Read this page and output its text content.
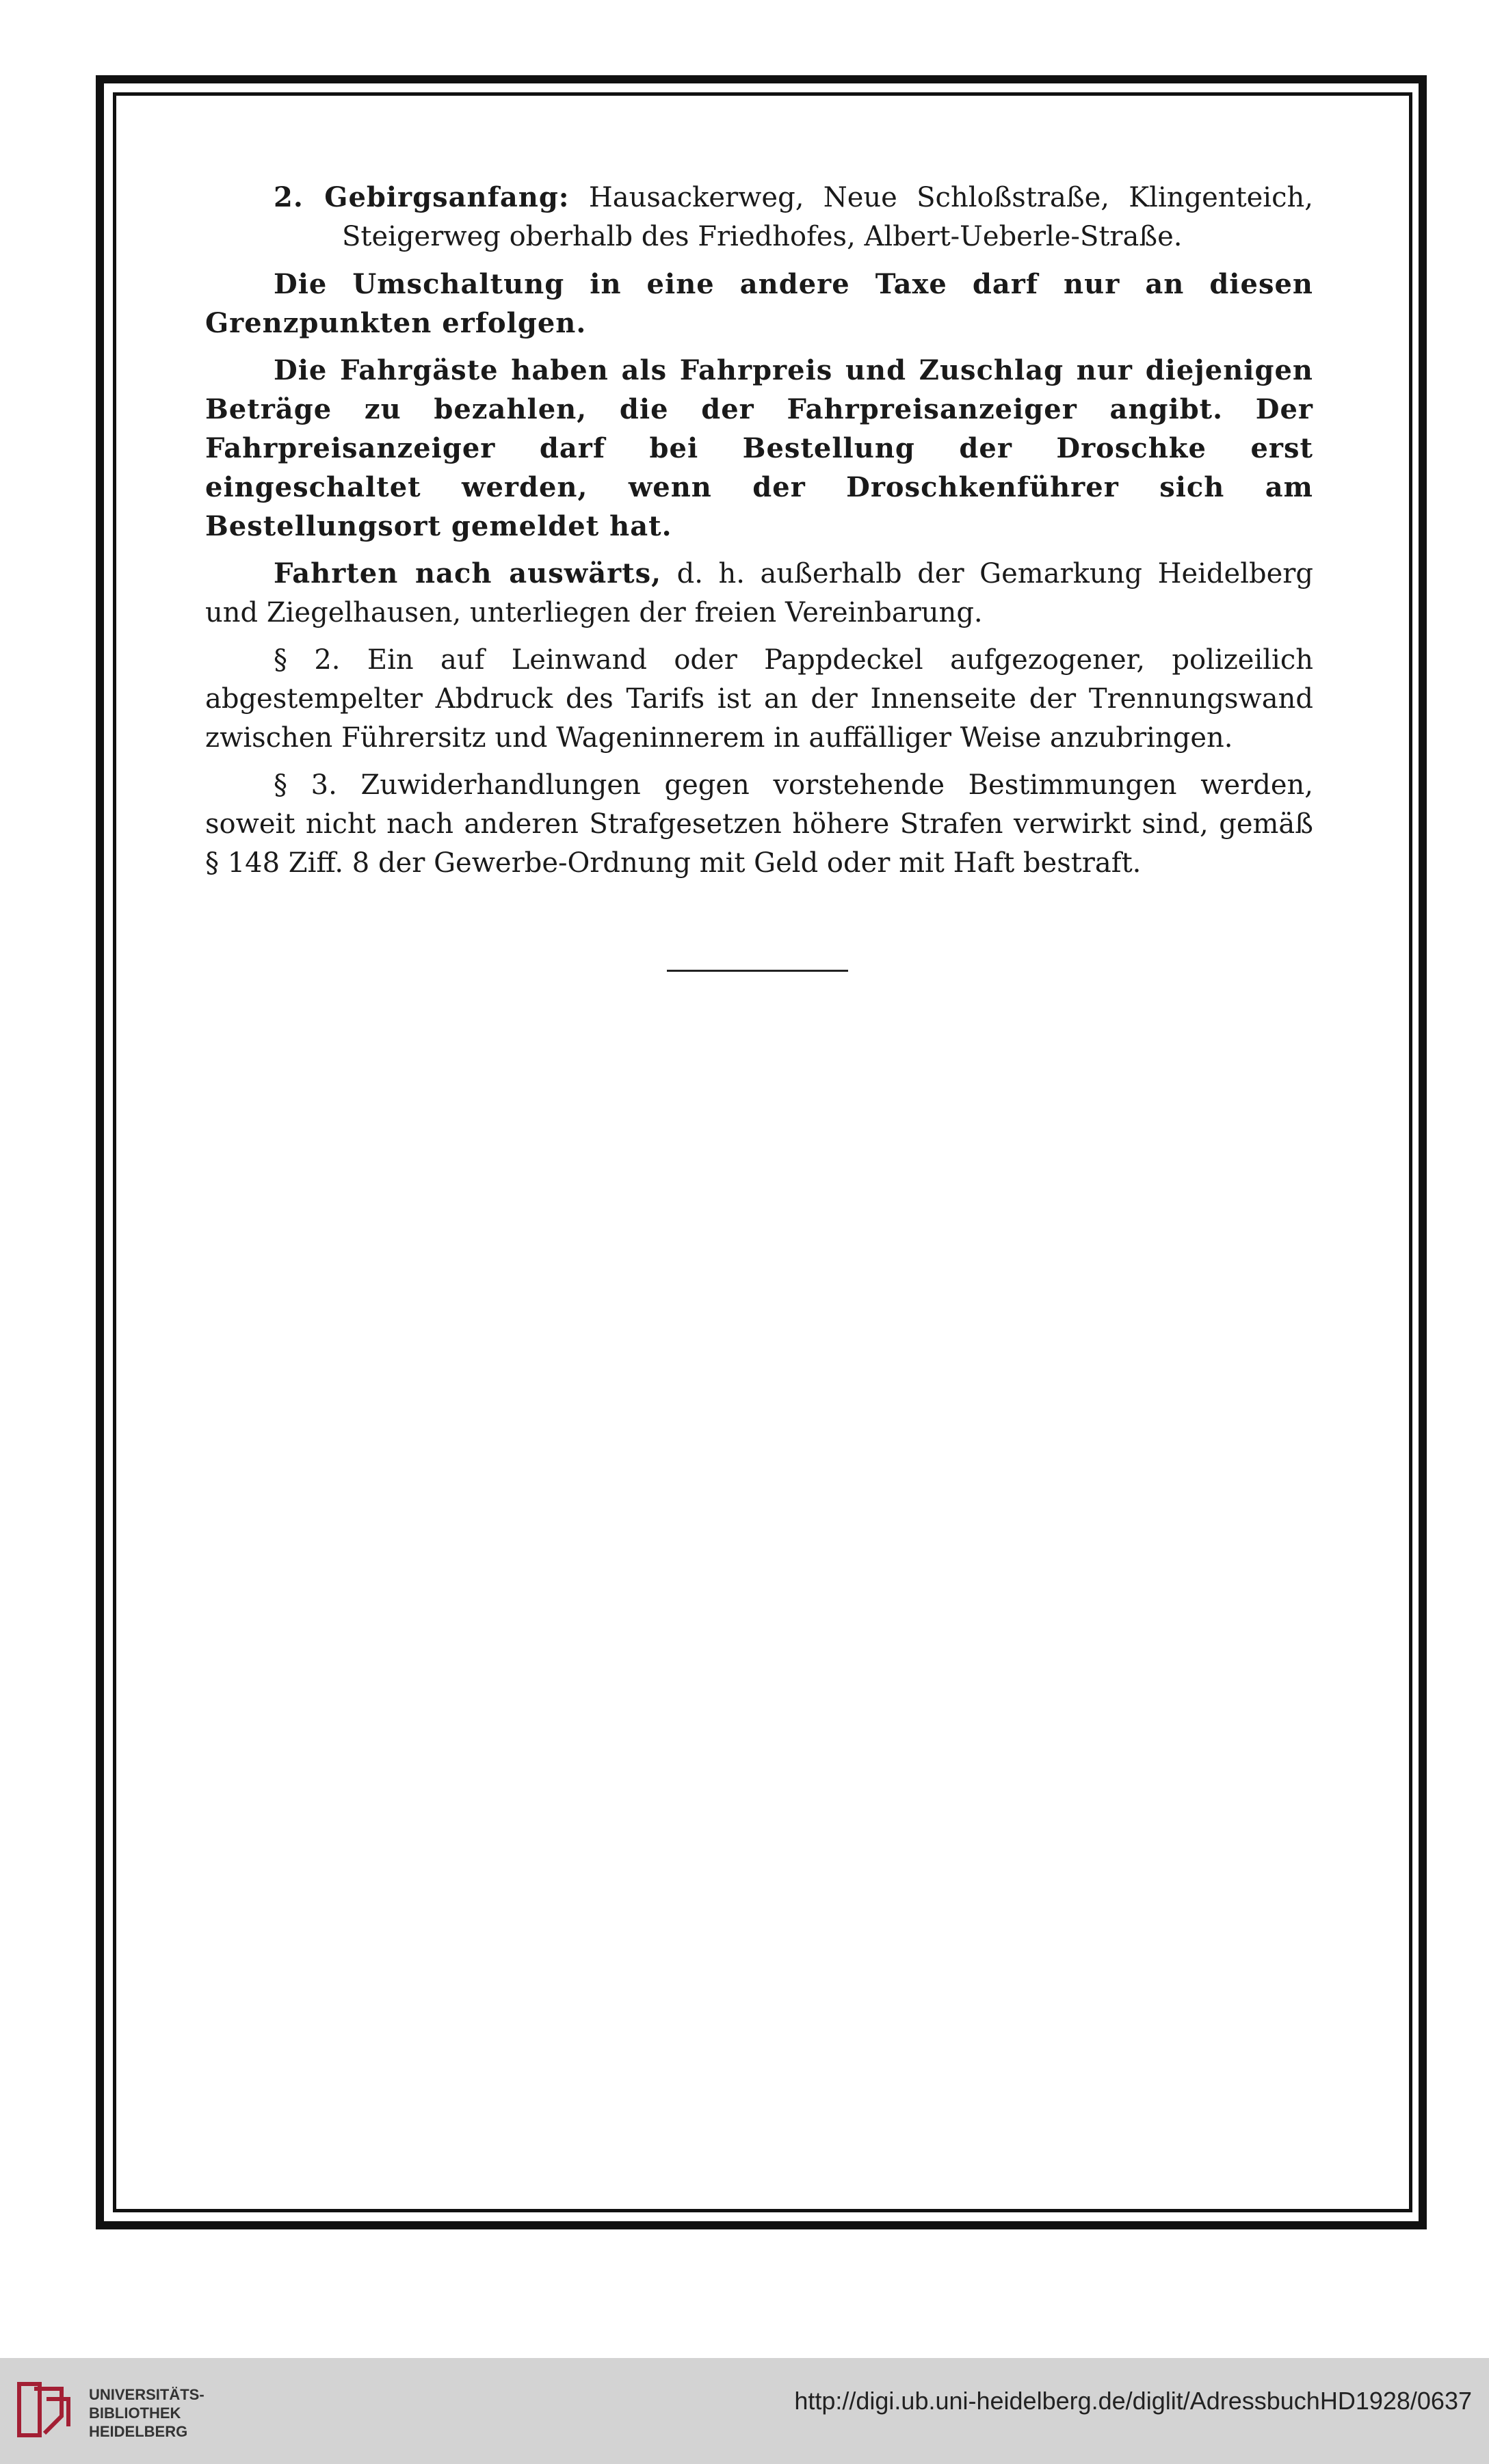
2. Gebirgsanfang: Hausackerweg, Neue Schloßstraße, Klingenteich, Steigerweg oberhalb des Friedhofes, Albert-Ueberle-Straße.

Die Umschaltung in eine andere Taxe darf nur an diesen Grenzpunkten erfolgen.

Die Fahrgäste haben als Fahrpreis und Zuschlag nur diejenigen Beträge zu bezahlen, die der Fahrpreisanzeiger angibt. Der Fahrpreisanzeiger darf bei Bestellung der Droschke erst eingeschaltet werden, wenn der Droschkenführer sich am Bestellungsort gemeldet hat.

Fahrten nach auswärts, d. h. außerhalb der Gemarkung Heidelberg und Ziegelhausen, unterliegen der freien Vereinbarung.

§ 2. Ein auf Leinwand oder Pappdeckel aufgezogener, polizeilich abgestempelter Abdruck des Tarifs ist an der Innenseite der Trennungswand zwischen Führersitz und Wageninnerem in auffälliger Weise anzubringen.

§ 3. Zuwiderhandlungen gegen vorstehende Bestimmungen werden, soweit nicht nach anderen Strafgesetzen höhere Strafen verwirkt sind, gemäß § 148 Ziff. 8 der Gewerbe-Ordnung mit Geld oder mit Haft bestraft.

UNIVERSITÄTS-
BIBLIOTHEK
HEIDELBERG
http://digi.ub.uni-heidelberg.de/diglit/AdressbuchHD1928/0637
